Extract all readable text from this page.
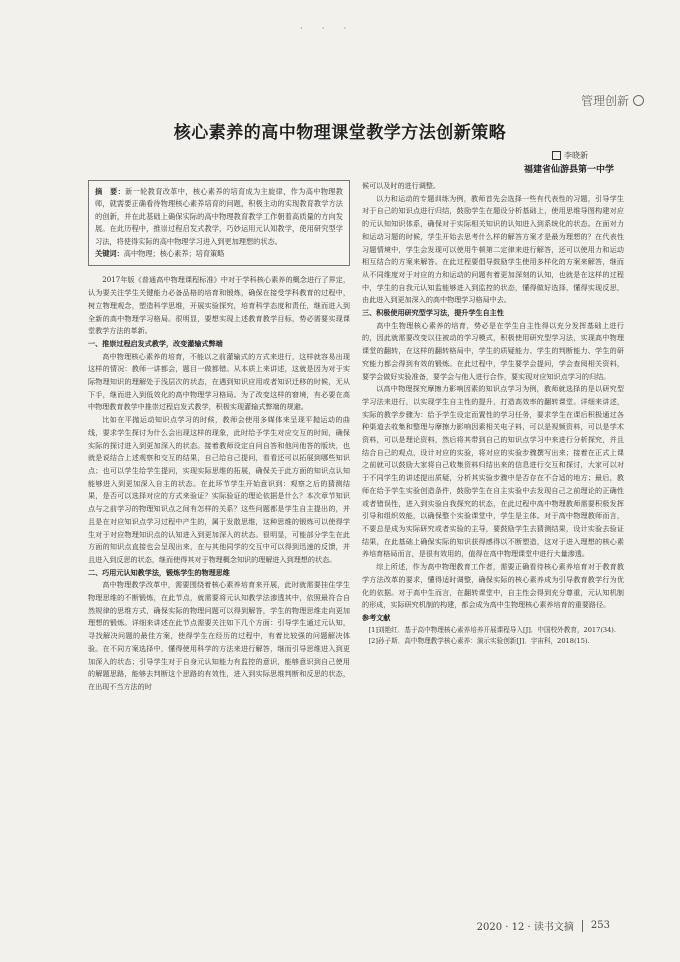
· · ·
管理创新
核心素养的高中物理课堂教学方法创新策略
李晓新
福建省仙游县第一中学
摘　要：新一轮教育改革中，核心素养的培育成为主旋律，作为高中物理教师，就需要正确看待物理核心素养培育的问题，积极主动的实现教育教学方法的创新，并在此基础上确保实际的高中物理教育教学工作朝着高质量的方向发展。在此历程中，推崇过程启发式教学，巧妙运用元认知教学，使用研究型学习法，将使得实际的高中物理学习进入到更加理想的状态。
关键词：高中物理；核心素养；培育策略

2017年版《普通高中物理课程标准》中对于学科核心素养的概念进行了界定，认为要关注学生关键能力必备品格的培育和锻炼，确保在接受学科教育的过程中，树立物理观念，塑造科学思维，开展实验探究，培育科学态度和责任，继而进入到全新的高中物理学习格局。很明显，要想实现上述教育教学目标，势必需要实现课堂教学方法的革新。

一、推崇过程启发式教学，改变灌输式弊端

高中物理核心素养的培育，不能以之前灌输式的方式来进行，这样就容易出现这样的情况：教师一讲都会，题目一做都错。从本质上来讲述，这就是因为对于实际物理知识的理解处于浅层次的状态，在遇到知识应用或者知识迁移的时候，无从下手，继而进入到低效化的高中物理学习格局。为了改变这样的窘境，有必要在高中物理教育教学中推崇过程启发式教学，积极实现灌输式弊端的规避。

比如在平抛运动知识点学习的时候，教师会使用多媒体来呈现平抛运动的曲线，要求学生探讨为什么会出现这样的现象，此时给予学生对应交互的时间，确保实际的探讨进入到更加深入的状态。接着教师设定自问自答和他问他答的版块，也就是说结合上述观察和交互的结果，自己给自己提问，看看还可以拓展到哪些知识点；也可以学生给学生提问，实现实际思维的拓展，确保关于此方面的知识点认知能够进入到更加深入自主的状态。在此环节学生开始意识到：观察之后的猜测结果，是否可以选择对应的方式来验证？实际验证的理论依据是什么？本次章节知识点与之前学习的物理知识点之间有怎样的关系？这些问题都是学生自主提出的，并且是在对应知识点学习过程中产生的，属于发散思维，这种思维的锻炼可以使得学生对于对应物理知识点的认知进入到更加深入的状态。很明显，可能部分学生在此方面的知识点直接也会呈现出来，在与其他同学的交互中可以得到迅速的反馈，并且进入到反思的状态，继而使得其对于物理概念知识的理解进入到理想的状态。

二、巧用元认知教学法，锻炼学生的物理思维

高中物理教学改革中，需要围绕着核心素养培育来开展，此时就需要挂住学生物理思维的不断锻炼，在此节点，就需要将元认知教学法渗透其中，依照最符合自然规律的思维方式，确保实际的物理问题可以得到解答，学生的物理思维走向更加理想的锻炼。详细来讲述在此节点需要关注如下几个方面：引导学生通过元认知，寻找解决问题的最佳方案，使得学生在经历的过程中，有着比较强的问题解决体验。在不同方案选择中，懂得使用科学的方法来进行解答，继而引导思维进入到更加深入的状态；引导学生对于自身元认知能力有监控的意识，能够意识到自己使用的解题思路，能够去判断这个思路的有效性，进入到实际思维判断和反思的状态，在出现不当方法的时

候可以及时的进行调整。

以力和运动的专题训练为例，教师首先会选择一些有代表性的习题，引导学生对于自己的知识点进行归结，鼓励学生在题设分析基础上，使用思维导图构建对应的元认知知识体系，确保对于实际相关知识的认知进入到系统化的状态。在面对力和运动习题的时候，学生开始去思考什么样的解答方案才是最为理想的？在代表性习题情境中，学生会发现可以使用牛顿第二定律来进行解答，还可以使用力和运动相互结合的方案来解答。在此过程要倡导鼓励学生使用多样化的方案来解答，继而从不同维度对于对应的力和运动的问题有着更加深刻的认知，也就是在这样的过程中，学生的自我元认知监能够进入到监控的状态，懂得做好选择，懂得实现反思，由此进入到更加深入的高中物理学习格局中去。

三、积极使用研究型学习法，提升学生自主性

高中生物理核心素养的培育，势必是在学生自主性得以充分发挥基础上进行的，因此就需要改变以往被动的学习模式，积极使用研究型学习法，实现高中物理课堂的翻转，在这样的翻转格局中，学生的质疑能力、学生的判断能力、学生的研究能力都会得到有效的锻炼。在此过程中，学生要学会提问，学会查阅相关资料，要学会做好实验准备，要学会与他人进行合作，要实现对应知识点学习的归结。

以高中物理探究摩擦力影响因素的知识点学习为例，教师就选择的是以研究型学习法来进行，以实现学生自主性的提升，打造高效率的翻转课堂。详细来讲述，实际的教学步骤为：给予学生设定而置性的学习任务，要求学生在课后积极通过各种渠道去收集和整理与摩擦力影响因素相关电子料，可以是视频资料，可以是学术资料，可以是理论资料，然后将其带到自己的知识点学习中来进行分析探究，并且结合自己的观点，设计对应的实验，将对应的实验步骤撰写出来；接着在正式上课之前就可以鼓励大家将自己收集资料归结出来的信息进行交互和探讨，大家可以对于不同学生的讲述提出质疑，分析其实验步骤中是否存在不合适的地方；最后，教师在给予学生实验创造条件，鼓励学生在自主实验中去发现自己之前理论的正确性或者错误性，进入到实验自我探究的状态，在此过程中高中物理教师需要积极发挥引导和组织效能，以确保整个实验课堂中，学生是主体。对于高中物理教师而言，不要总是成为实际研究或者实验的主导，要鼓励学生去猜测结果，设计实验去验证结果，在此基础上确保实际的知识获得感得以不断塑造，这对于进入理想的核心素养培育格局而言，是很有效用的，值得在高中物理课堂中进行大量渗透。

综上所述，作为高中物理教育工作者，需要正确看待核心素养培育对于教育教学方法改革的要求，懂得适时调整，确保实际的核心素养成为引导教育教学行为优化的依据。对于高中生而言，在翻转课堂中，自主性会得到充分尊重，元认知机制的形成，实际研究机制的构建，都会成为高中生物理核心素养培育的重要路径。

参考文献

[1]刘艳红．基于高中物理核心素养培养开展课程导入[J]．中国校外教育，2017(34).

[2]孙子斯．高中物理教学核心素养：演示实验创新[J]．宇宙科，2018(15).

2020 · 12 · 读书文摘 253
